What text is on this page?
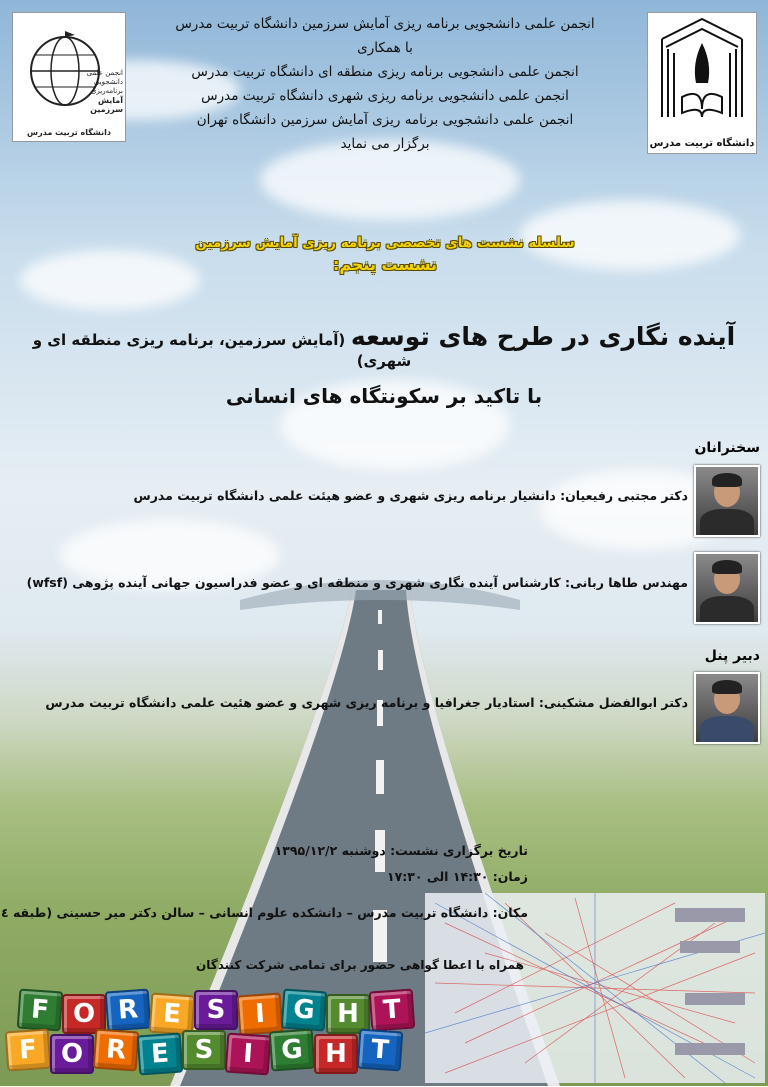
انجمن علمی
دانشجویی
برنامه‌ریزی
آمایش سرزمین
دانشگاه تربیت مدرس
دانشگاه تربیت مدرس
انجمن علمی دانشجویی برنامه ریزی آمایش سرزمین دانشگاه تربیت مدرس
با همکاری
انجمن علمی دانشجویی برنامه ریزی منطقه ای دانشگاه تربیت مدرس
انجمن علمی دانشجویی برنامه ریزی شهری دانشگاه تربیت مدرس
انجمن علمی دانشجویی برنامه ریزی آمایش سرزمین دانشگاه تهران
برگزار می نماید
سلسله نشست های تخصصی برنامه ریزی آمایش سرزمین
نشست پنجم:
آینده نگاری در طرح های توسعه (آمایش سرزمین، برنامه ریزی منطقه ای و شهری)
با تاکید بر سکونتگاه های انسانی
سخنرانان
دکتر مجتبی رفیعیان: دانشیار برنامه ریزی شهری و عضو هیئت علمی دانشگاه تربیت مدرس
مهندس طاها ربانی: کارشناس آینده نگاری شهری و منطقه ای و عضو فدراسیون جهانی آینده پژوهی (wfsf)
دبیر پنل
دکتر ابوالفضل مشکینی: استادیار جغرافیا و برنامه ریزی شهری و عضو هئیت علمی دانشگاه تربیت مدرس
تاریخ برگزاری نشست: دوشنبه ۱۳۹۵/۱۲/۲
زمان: ۱۴:۳۰ الی ۱۷:۳۰
مکان: دانشگاه تربیت مدرس – دانشکده علوم انسانی – سالن دکتر میر حسینی (طبقه ٤
همراه با اعطا گواهی حضور برای تمامی شرکت کنندگان
F O R E S	I	G H T
F O R E S	I	G H T
